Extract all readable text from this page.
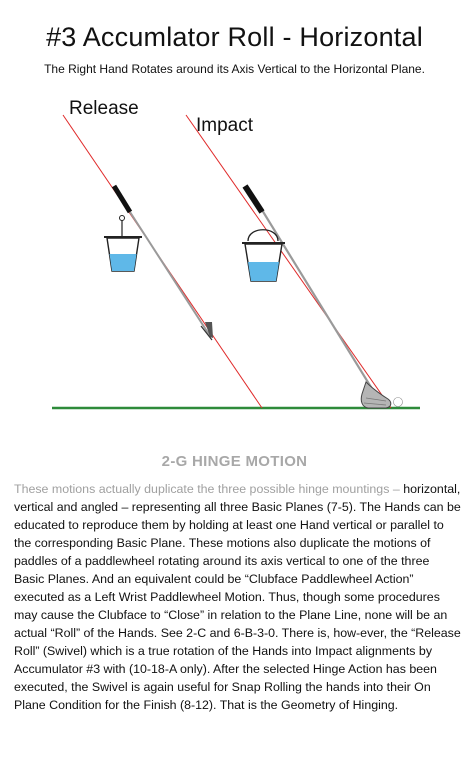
#3 Accumlator Roll - Horizontal

The Right Hand Rotates around its Axis Vertical to the Horizontal Plane.

Release
Impact
2-G HINGE MOTION

These motions actually duplicate the three possible hinge mountings – horizontal, vertical and angled – representing all three Basic Planes (7-5). The Hands can be educated to reproduce them by holding at least one Hand vertical or parallel to the corresponding Basic Plane. These motions also duplicate the motions of paddles of a paddlewheel rotating around its axis vertical to one of the three Basic Planes. And an equivalent could be “Clubface Paddlewheel Action” executed as a Left Wrist Paddlewheel Motion. Thus, though some procedures may cause the Clubface to “Close” in relation to the Plane Line, none will be an actual “Roll” of the Hands. See 2-C and 6-B-3-0. There is, how-ever, the “Release Roll” (Swivel) which is a true rotation of the Hands into Impact alignments by Accumulator #3 with (10-18-A only). After the selected Hinge Action has been executed, the Swivel is again useful for Snap Rolling the hands into their On Plane Condition for the Finish (8-12). That is the Geometry of Hinging.
